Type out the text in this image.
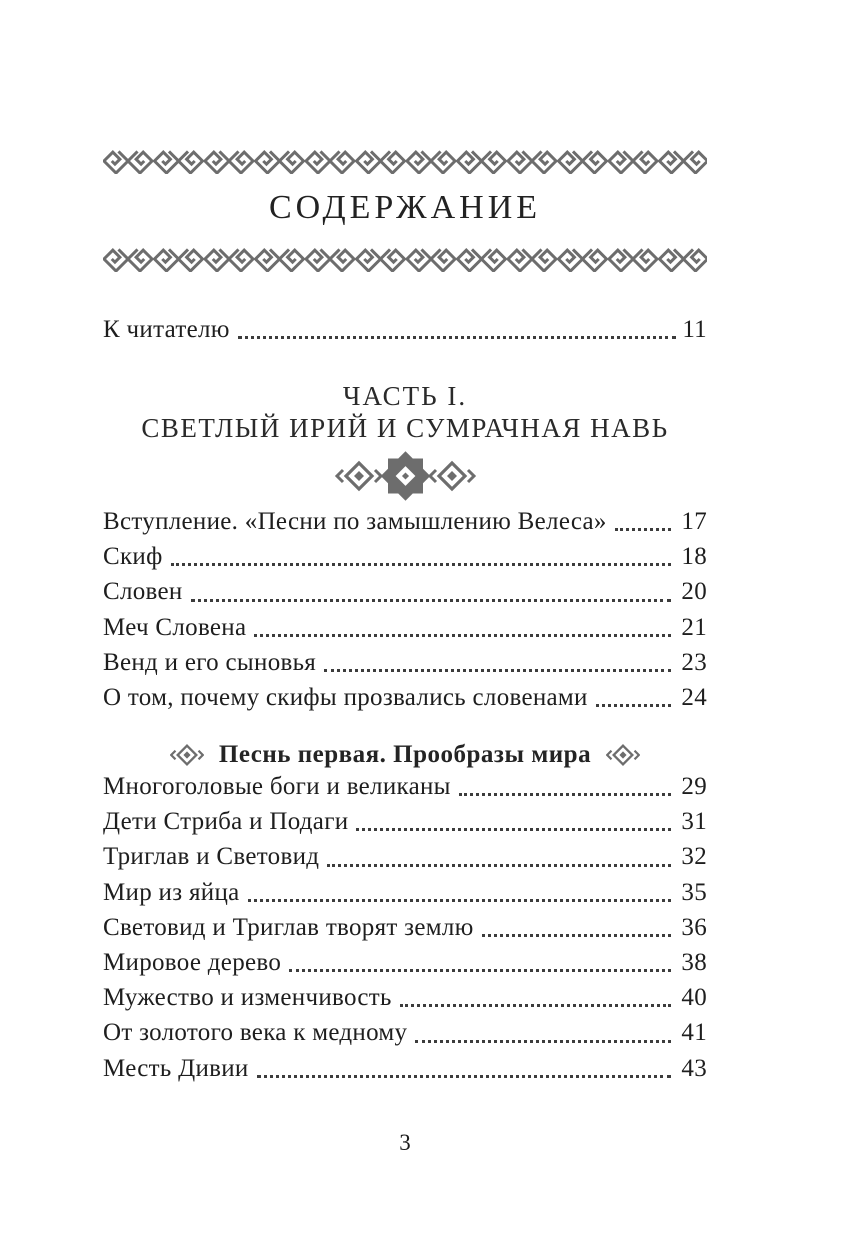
СОДЕРЖАНИЕ
К читателю	11
ЧАСТЬ I.
СВЕТЛЫЙ ИРИЙ И СУМРАЧНАЯ НАВЬ
Вступление. «Песни по замышлению Велеса»	17
Скиф	18
Словен	20
Меч Словена	21
Венд и его сыновья	23
О том, почему скифы прозвались словенами	24
Песнь первая. Прообразы мира
Многоголовые боги и великаны	29
Дети Стриба и Подаги	31
Триглав и Световид	32
Мир из яйца	35
Световид и Триглав творят землю	36
Мировое дерево	38
Мужество и изменчивость	40
От золотого века к медному	41
Месть Дивии	43
3
